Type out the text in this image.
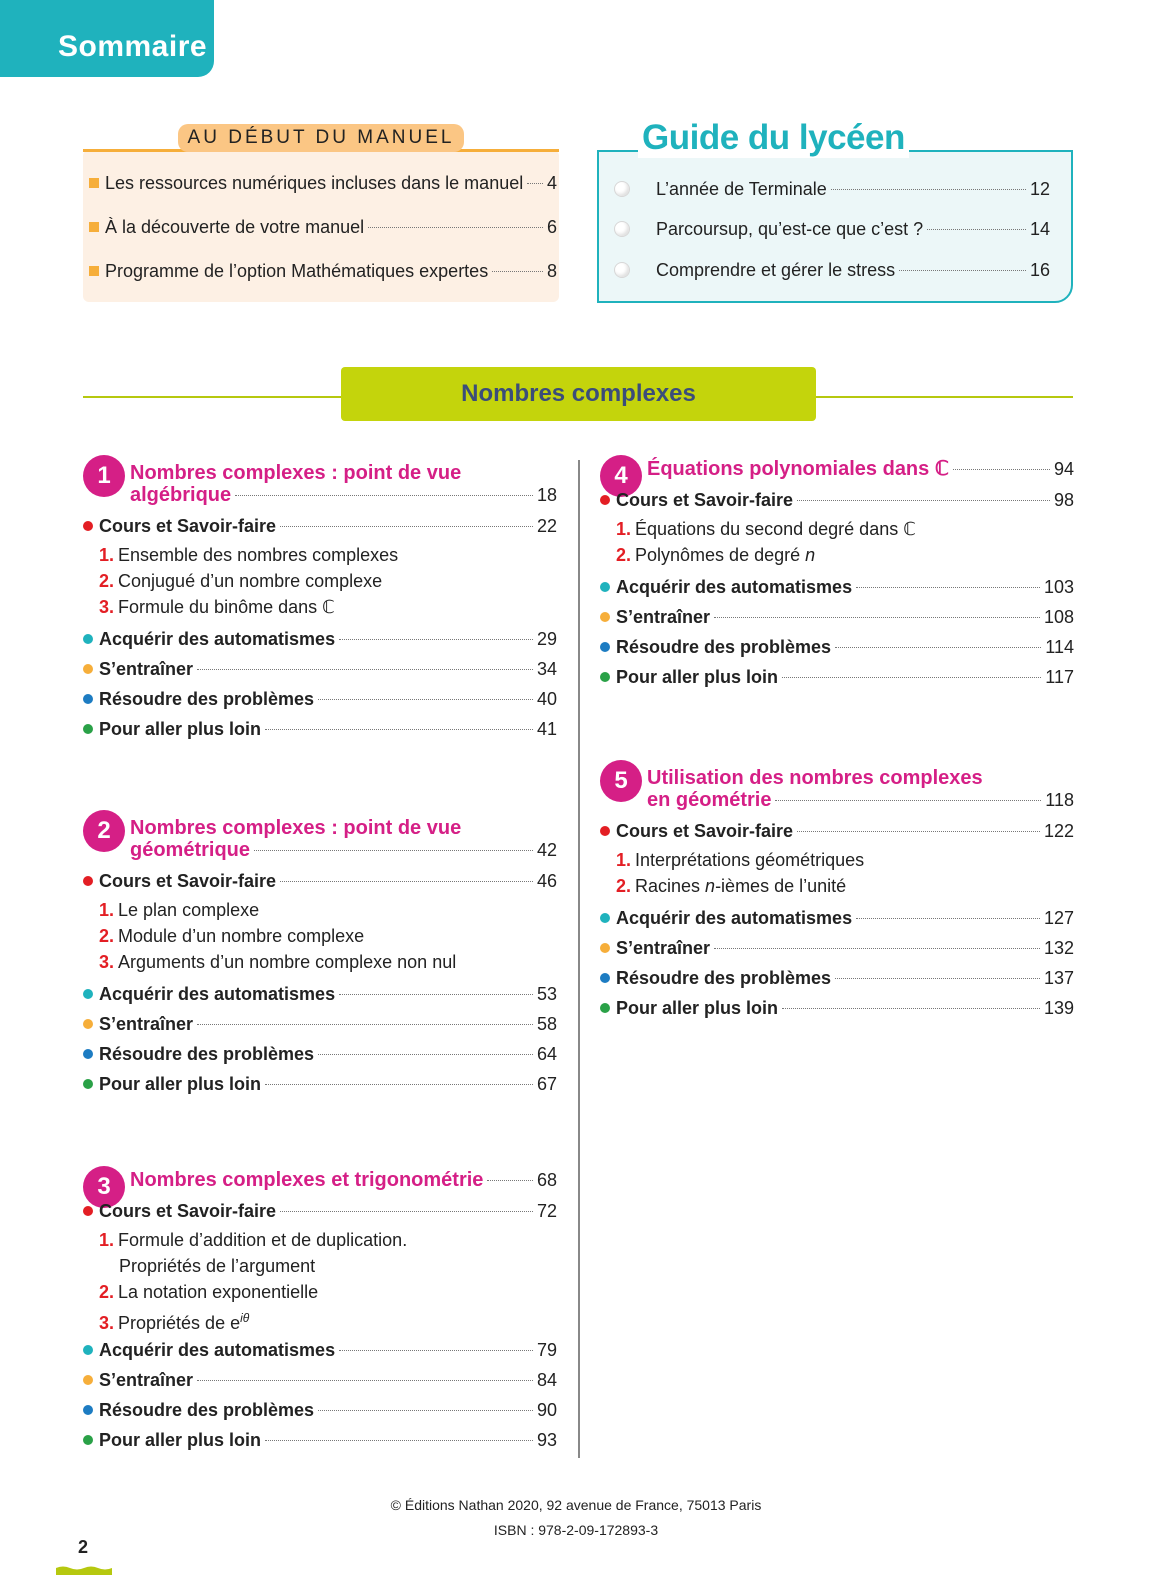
Sommaire
AU DÉBUT DU MANUEL
Les ressources numériques incluses dans le manuel 4
À la découverte de votre manuel	6
Programme de l’option Mathématiques expertes	8
Guide du lycéen
L’année de Terminale	12
Parcoursup, qu’est-ce que c’est ?	14
Comprendre et gérer le stress	16
Nombres complexes
1 Nombres complexes : point de vue
algébrique	18
Cours et Savoir-faire	22
1. Ensemble des nombres complexes
2. Conjugué d’un nombre complexe
3. Formule du binôme dans ℂ
Acquérir des automatismes	29
S’entraîner	34
Résoudre des problèmes	40
Pour aller plus loin	41
2 Nombres complexes : point de vue
géométrique	42
Cours et Savoir-faire	46
1. Le plan complexe
2. Module d’un nombre complexe
3. Arguments d’un nombre complexe non nul
Acquérir des automatismes	53
S’entraîner	58
Résoudre des problèmes	64
Pour aller plus loin	67
3 Nombres complexes et trigonométrie	68
Cours et Savoir-faire	72
1. Formule d’addition et de duplication.
Propriétés de l’argument
2. La notation exponentielle
3. Propriétés de $e^{i\theta}$
Acquérir des automatismes	79
S’entraîner	84
Résoudre des problèmes	90
Pour aller plus loin	93
4 Équations polynomiales dans ℂ	94
Cours et Savoir-faire	98
1. Équations du second degré dans ℂ
2. Polynômes de degré n
Acquérir des automatismes	103
S’entraîner	108
Résoudre des problèmes	114
Pour aller plus loin	117
5 Utilisation des nombres complexes
en géométrie	118
Cours et Savoir-faire	122
1. Interprétations géométriques
2. Racines n-ièmes de l’unité
Acquérir des automatismes	127
S’entraîner	132
Résoudre des problèmes	137
Pour aller plus loin	139
© Éditions Nathan 2020, 92 avenue de France, 75013 Paris
ISBN : 978-2-09-172893-3
2
